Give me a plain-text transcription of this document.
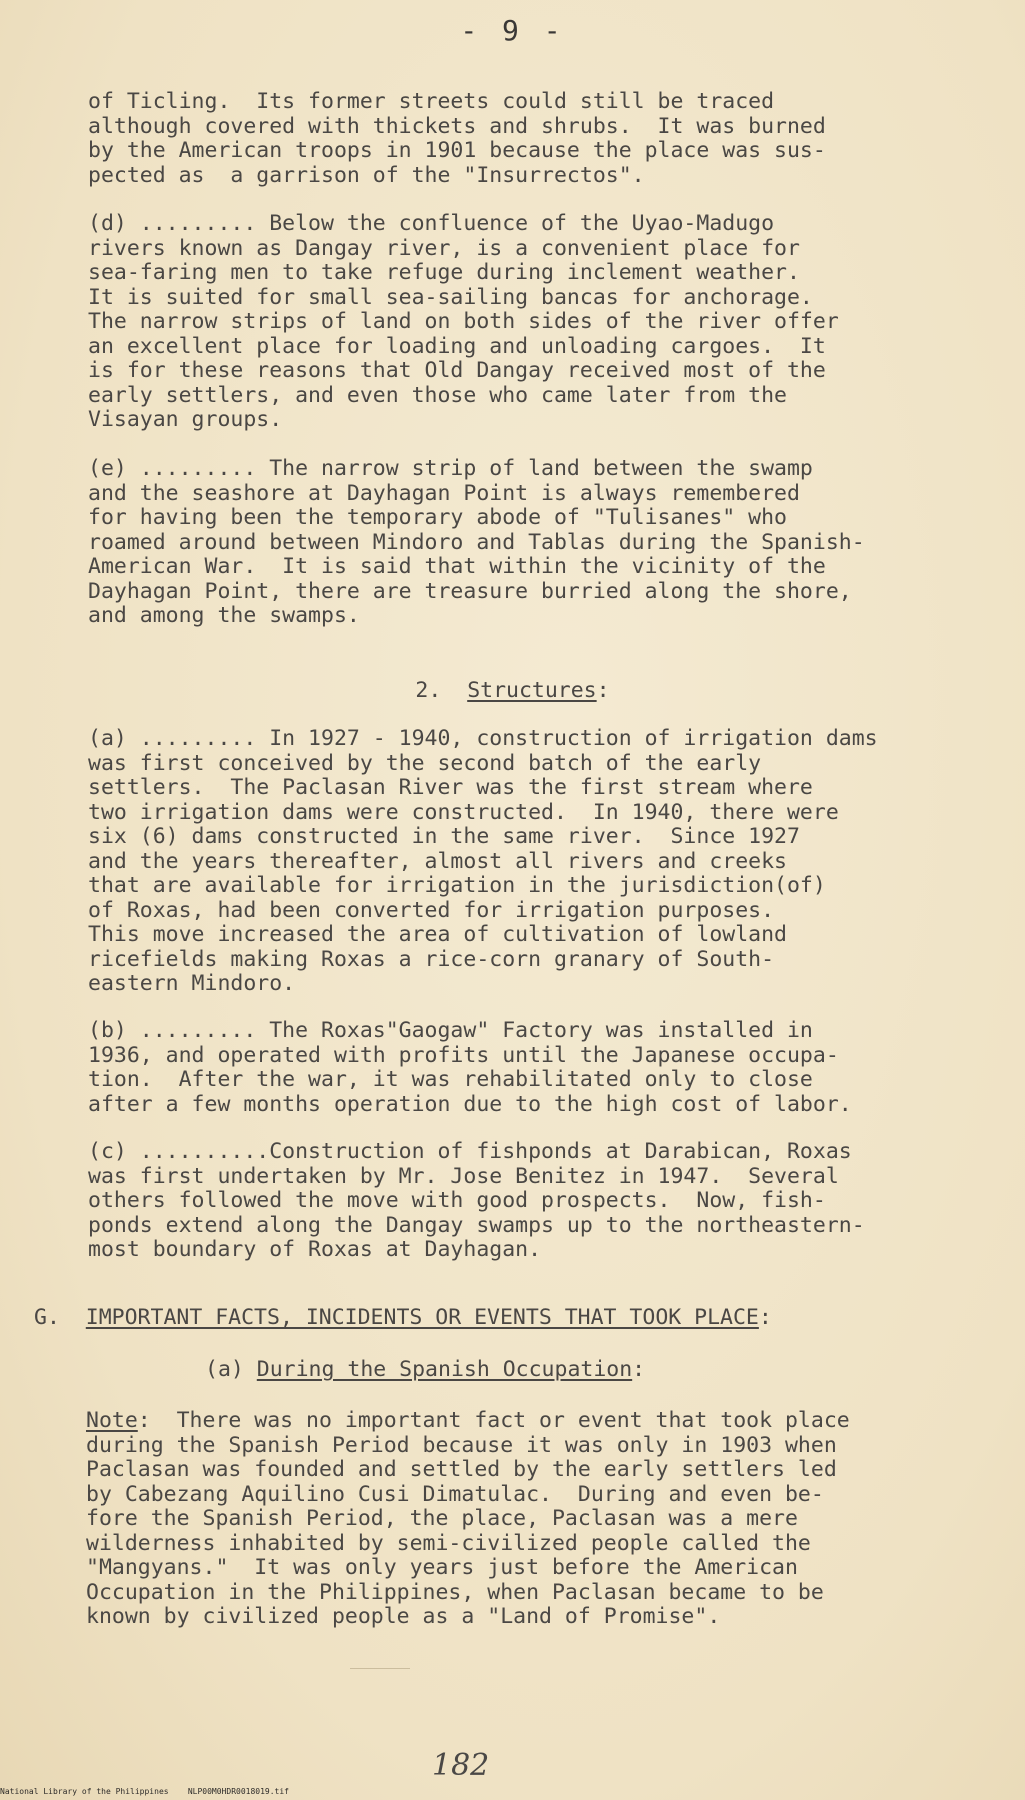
- 9 -
of Ticling.  Its former streets could still be traced
although covered with thickets and shrubs.  It was burned
by the American troops in 1901 because the place was sus-
pected as  a garrison of the "Insurrectos".
(d) ......... Below the confluence of the Uyao-Madugo
rivers known as Dangay river, is a convenient place for
sea-faring men to take refuge during inclement weather.
It is suited for small sea-sailing bancas for anchorage.
The narrow strips of land on both sides of the river offer
an excellent place for loading and unloading cargoes.  It
is for these reasons that Old Dangay received most of the
early settlers, and even those who came later from the
Visayan groups.
(e) ......... The narrow strip of land between the swamp
and the seashore at Dayhagan Point is always remembered
for having been the temporary abode of "Tulisanes" who
roamed around between Mindoro and Tablas during the Spanish-
American War.  It is said that within the vicinity of the
Dayhagan Point, there are treasure burried along the shore,
and among the swamps.
2. Structures:
(a) ......... In 1927 - 1940, construction of irrigation dams
was first conceived by the second batch of the early
settlers.  The Paclasan River was the first stream where
two irrigation dams were constructed.  In 1940, there were
six (6) dams constructed in the same river.  Since 1927
and the years thereafter, almost all rivers and creeks
that are available for irrigation in the jurisdiction(of)
of Roxas, had been converted for irrigation purposes.
This move increased the area of cultivation of lowland
ricefields making Roxas a rice-corn granary of South-
eastern Mindoro.
(b) ......... The Roxas"Gaogaw" Factory was installed in
1936, and operated with profits until the Japanese occupa-
tion.  After the war, it was rehabilitated only to close
after a few months operation due to the high cost of labor.
(c) ..........Construction of fishponds at Darabican, Roxas
was first undertaken by Mr. Jose Benitez in 1947.  Several
others followed the move with good prospects.  Now, fish-
ponds extend along the Dangay swamps up to the northeastern-
most boundary of Roxas at Dayhagan.
G. IMPORTANT FACTS, INCIDENTS OR EVENTS THAT TOOK PLACE:
(a) During the Spanish Occupation:
Note:  There was no important fact or event that took place
during the Spanish Period because it was only in 1903 when
Paclasan was founded and settled by the early settlers led
by Cabezang Aquilino Cusi Dimatulac.  During and even be-
fore the Spanish Period, the place, Paclasan was a mere
wilderness inhabited by semi-civilized people called the
"Mangyans."  It was only years just before the American
Occupation in the Philippines, when Paclasan became to be
known by civilized people as a "Land of Promise".
182
National Library of the Philippines    NLP00M0HDR0018019.tif
